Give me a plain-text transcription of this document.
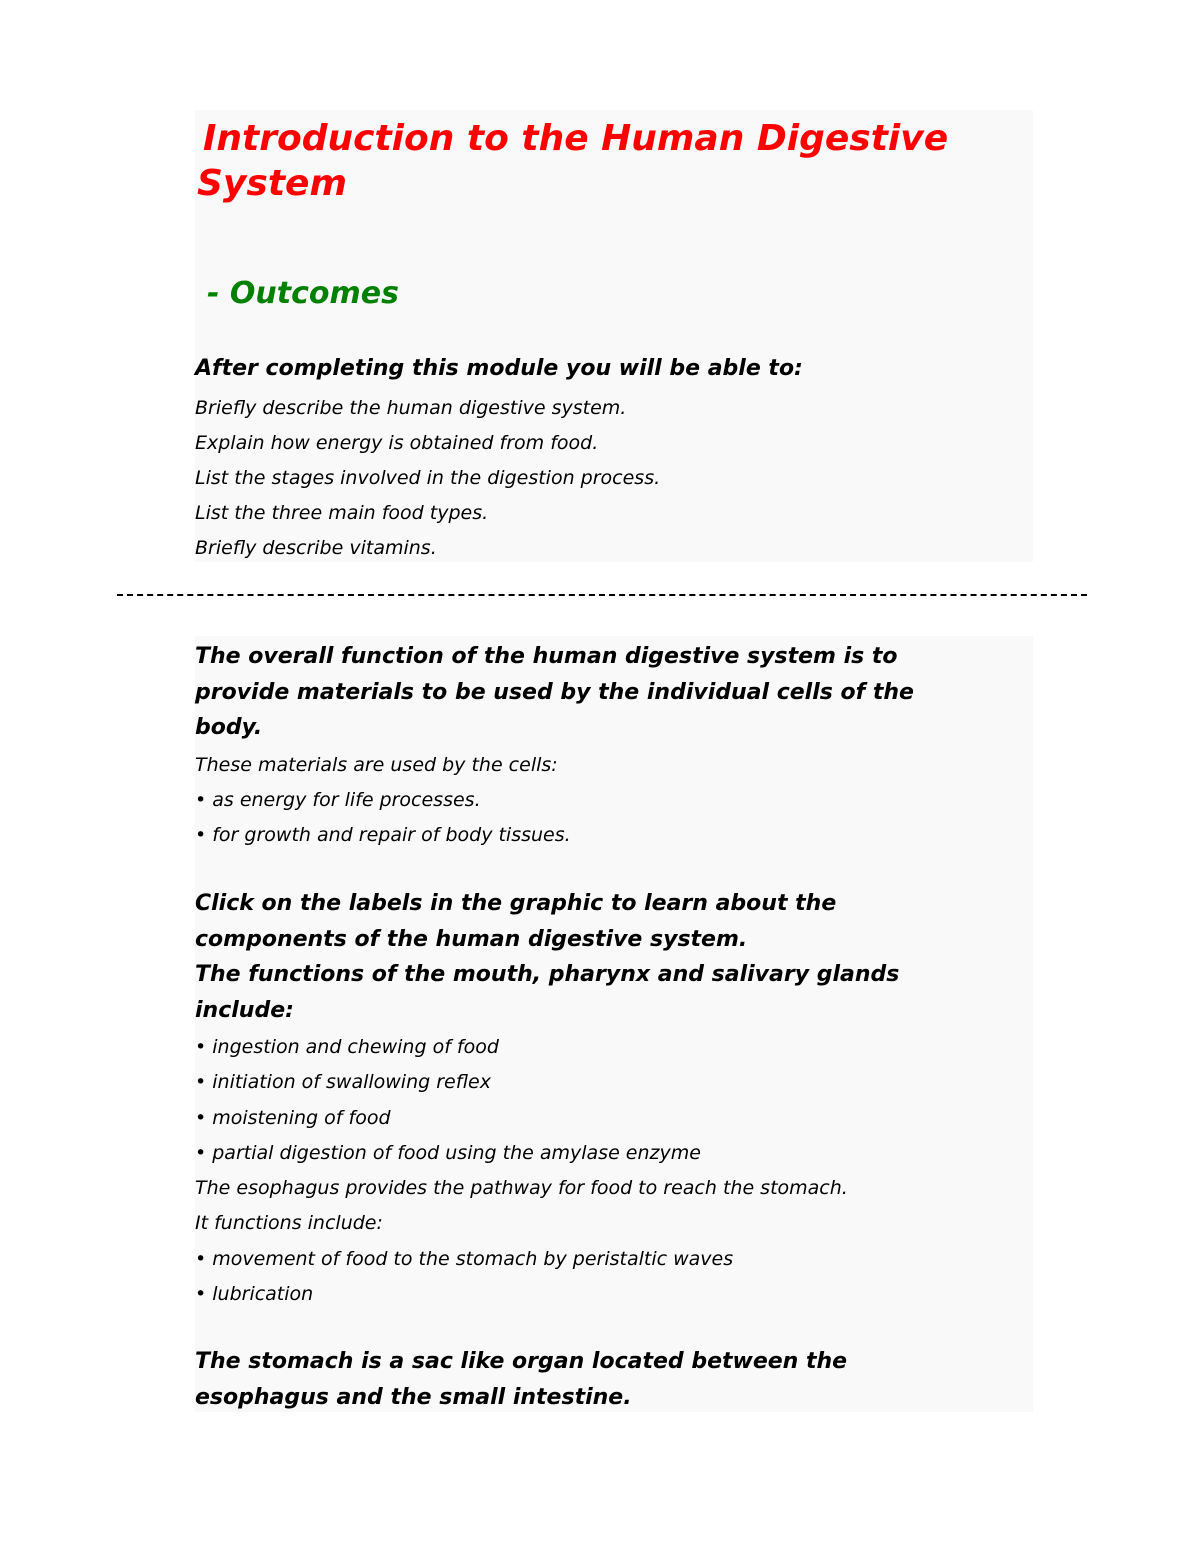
Introduction to the Human Digestive
System
- Outcomes

After completing this module you will be able to:

Briefly describe the human digestive system.
Explain how energy is obtained from food.
List the stages involved in the digestion process.
List the three main food types.
Briefly describe vitamins.

The overall function of the human digestive system is to provide materials to be used by the individual cells of the body.

These materials are used by the cells:

• as energy for life processes.

• for growth and repair of body tissues.

Click on the labels in the graphic to learn about the components of the human digestive system.

The functions of the mouth, pharynx and salivary glands include:

• ingestion and chewing of food

• initiation of swallowing reflex

• moistening of food

• partial digestion of food using the amylase enzyme

The esophagus provides the pathway for food to reach the stomach.

It functions include:

• movement of food to the stomach by peristaltic waves

• lubrication

The stomach is a sac like organ located between the esophagus and the small intestine.
